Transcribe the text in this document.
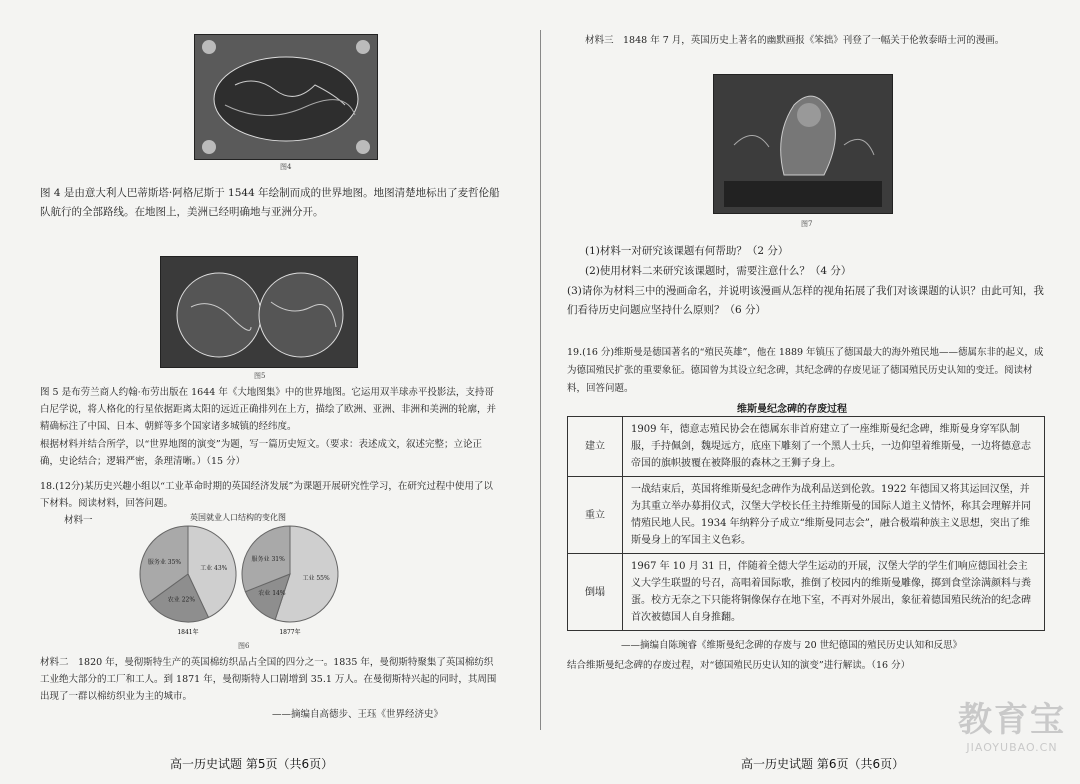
图4
图 4 是由意大利人巴蒂斯塔·阿格尼斯于 1544 年绘制而成的世界地图。地图清楚地标出了麦哲伦船队航行的全部路线。在地图上，美洲已经明确地与亚洲分开。
图5
图 5 是布劳兰商人约翰·布劳出版在 1644 年《大地图集》中的世界地图。它运用双半球赤平投影法，支持哥白尼学说，将人格化的行星依据距离太阳的远近正确排列在上方，描绘了欧洲、亚洲、非洲和美洲的轮廓，并精确标注了中国、日本、朝鲜等多个国家诸多城镇的经纬度。
根据材料并结合所学，以“世界地图的演变”为题，写一篇历史短文。（要求：表述成文，叙述完整；立论正确，史论结合；逻辑严密，条理清晰。）（15 分）
18.(12分)某历史兴趣小组以“工业革命时期的英国经济发展”为课题开展研究性学习，在研究过程中使用了以下材料。阅读材料，回答问题。
材料一	英国就业人口结构的变化图
工业 43%
农业 22%
服务业 35%
1841年
工业 55%
农业 14%
服务业 31%
1877年
图6
材料二　1820 年，曼彻斯特生产的英国棉纺织品占全国的四分之一。1835 年，曼彻斯特聚集了英国棉纺织工业绝大部分的工厂和工人。到 1871 年，曼彻斯特人口剧增到 35.1 万人。在曼彻斯特兴起的同时，其周围出现了一群以棉纺织业为主的城市。
——摘编自高德步、王珏《世界经济史》
高一历史试题 第5页（共6页）
材料三　1848 年 7 月，英国历史上著名的幽默画报《笨拙》刊登了一幅关于伦敦泰晤士河的漫画。
图7
(1)材料一对研究该课题有何帮助？（2 分）
(2)使用材料二来研究该课题时，需要注意什么？（4 分）
(3)请你为材料三中的漫画命名，并说明该漫画从怎样的视角拓展了我们对该课题的认识？由此可知，我们看待历史问题应坚持什么原则？（6 分）
19.(16 分)维斯曼是德国著名的“殖民英雄”，他在 1889 年镇压了德国最大的海外殖民地——德属东非的起义，成为德国殖民扩张的重要象征。德国曾为其设立纪念碑，其纪念碑的存废见证了德国殖民历史认知的变迁。阅读材料，回答问题。
维斯曼纪念碑的存废过程
建立	1909 年，德意志殖民协会在德属东非首府建立了一座维斯曼纪念碑，维斯曼身穿军队制服，手持佩剑，魏堤远方，底座下雕刻了一个黑人士兵，一边仰望着维斯曼，一边将德意志帝国的旗帜披覆在被降服的森林之王狮子身上。
重立	一战结束后，英国将维斯曼纪念碑作为战利品送到伦敦。1922 年德国又将其运回汉堡，并为其重立举办募捐仪式，汉堡大学校长任主持维斯曼的国际人道主义情怀，称其会理解并同情殖民地人民。1934 年纳粹分子成立“维斯曼同志会”，融合极端种族主义思想，突出了维斯曼身上的军国主义色彩。
倒塌	1967 年 10 月 31 日，伴随着全德大学生运动的开展，汉堡大学的学生们响应德国社会主义大学生联盟的号召，高唱着国际歌，推倒了校园内的维斯曼雕像，掷到食堂涂满颜料与粪蛋。校方无奈之下只能将铜像保存在地下室，不再对外展出，象征着德国殖民统治的纪念碑首次被德国人自身推翻。
——摘编自陈琬睿《维斯曼纪念碑的存废与 20 世纪德国的殖民历史认知和反思》
结合维斯曼纪念碑的存废过程，对“德国殖民历史认知的演变”进行解读。（16 分）
高一历史试题 第6页（共6页）
教育宝
JIAOYUBAO.CN
